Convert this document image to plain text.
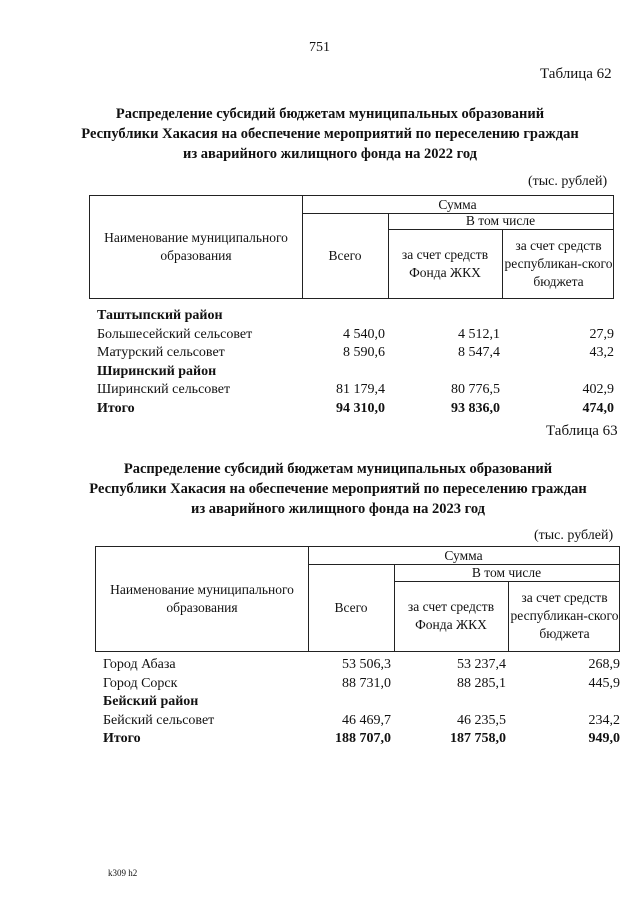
751
Таблица 62
Распределение субсидий бюджетам муниципальных образований
Республики Хакасия на обеспечение мероприятий по переселению граждан
из аварийного жилищного фонда на 2022 год
(тыс. рублей)
Наименование муниципального образования
Сумма
Всего
В том числе
за счет средств Фонда ЖКХ
за счет средств республикан-ского бюджета
Таштыпский район
Большесейский сельсовет	4 540,0	4 512,1	27,9
Матурский сельсовет	8 590,6	8 547,4	43,2
Ширинский район
Ширинский сельсовет	81 179,4	80 776,5	402,9
Итого	94 310,0	93 836,0	474,0
Таблица 63
Распределение субсидий бюджетам муниципальных образований
Республики Хакасия на обеспечение мероприятий по переселению граждан
из аварийного жилищного фонда на 2023 год
(тыс. рублей)
Наименование муниципального образования
Сумма
Всего
В том числе
за счет средств Фонда ЖКХ
за счет средств республикан-ского бюджета
Город Абаза	53 506,3	53 237,4	268,9
Город Сорск	88 731,0	88 285,1	445,9
Бейский район
Бейский сельсовет	46 469,7	46 235,5	234,2
Итого	188 707,0	187 758,0	949,0
k309 h2
